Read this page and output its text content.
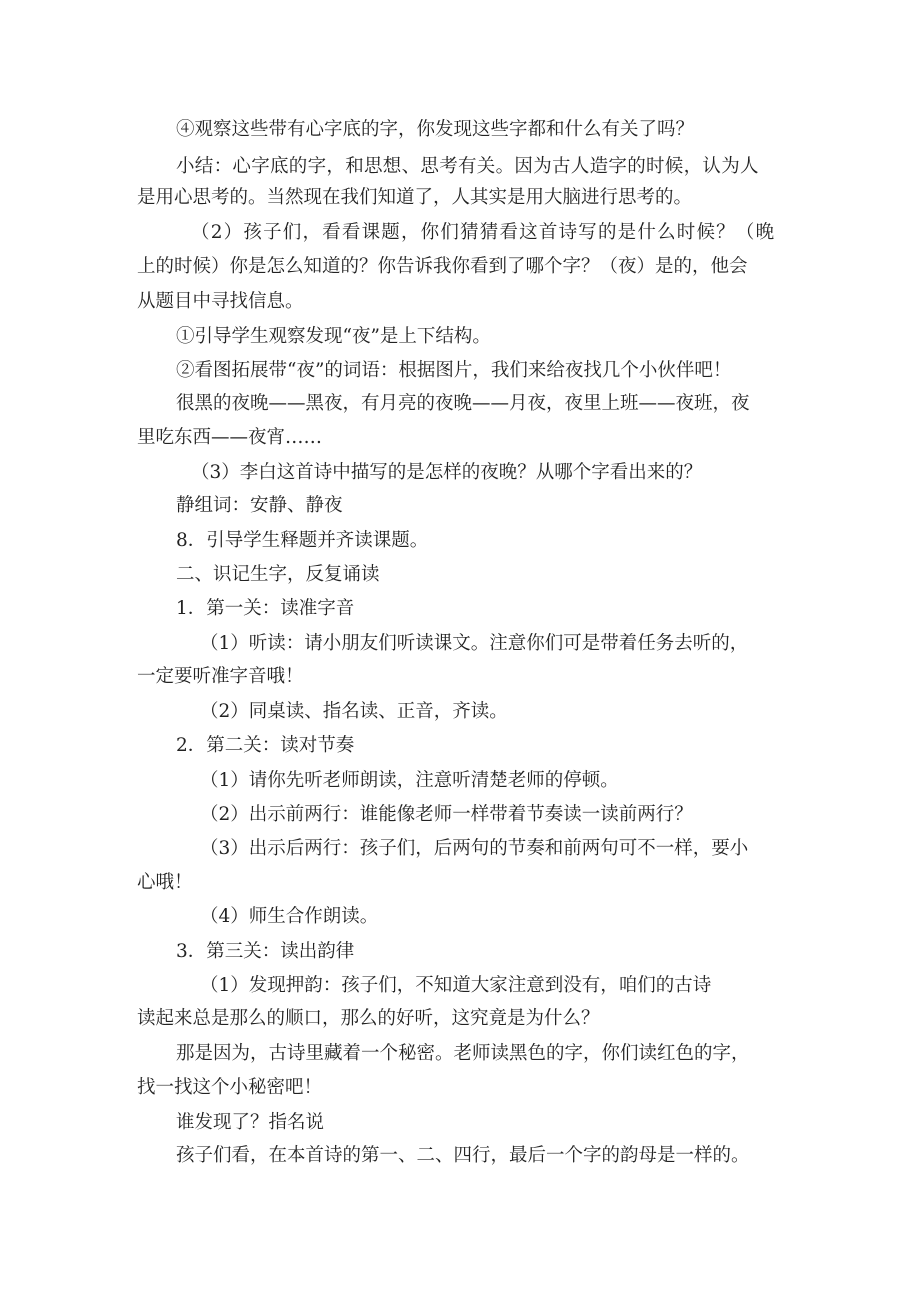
④观察这些带有心字底的字，你发现这些字都和什么有关了吗？
小结：心字底的字，和思想、思考有关。因为古人造字的时候，认为人
是用心思考的。当然现在我们知道了，人其实是用大脑进行思考的。
（2）孩子们，看看课题，你们猜猜看这首诗写的是什么时候？（晚
上的时候）你是怎么知道的？你告诉我你看到了哪个字？（夜）是的，他会
从题目中寻找信息。
①引导学生观察发现“夜”是上下结构。
②看图拓展带“夜”的词语：根据图片，我们来给夜找几个小伙伴吧！
很黑的夜晚——黑夜，有月亮的夜晚——月夜，夜里上班——夜班，夜
里吃东西——夜宵……
（3）李白这首诗中描写的是怎样的夜晚？从哪个字看出来的？
静组词：安静、静夜
8．引导学生释题并齐读课题。
二、识记生字，反复诵读
1．第一关：读准字音
（1）听读：请小朋友们听读课文。注意你们可是带着任务去听的，
一定要听准字音哦！
（2）同桌读、指名读、正音，齐读。
2．第二关：读对节奏
（1）请你先听老师朗读，注意听清楚老师的停顿。
（2）出示前两行：谁能像老师一样带着节奏读一读前两行？
（3）出示后两行：孩子们，后两句的节奏和前两句可不一样，要小
心哦！
（4）师生合作朗读。
3．第三关：读出韵律
（1）发现押韵：孩子们，不知道大家注意到没有，咱们的古诗
读起来总是那么的顺口，那么的好听，这究竟是为什么？
那是因为，古诗里藏着一个秘密。老师读黑色的字，你们读红色的字，
找一找这个小秘密吧！
谁发现了？指名说
孩子们看，在本首诗的第一、二、四行，最后一个字的韵母是一样的。
